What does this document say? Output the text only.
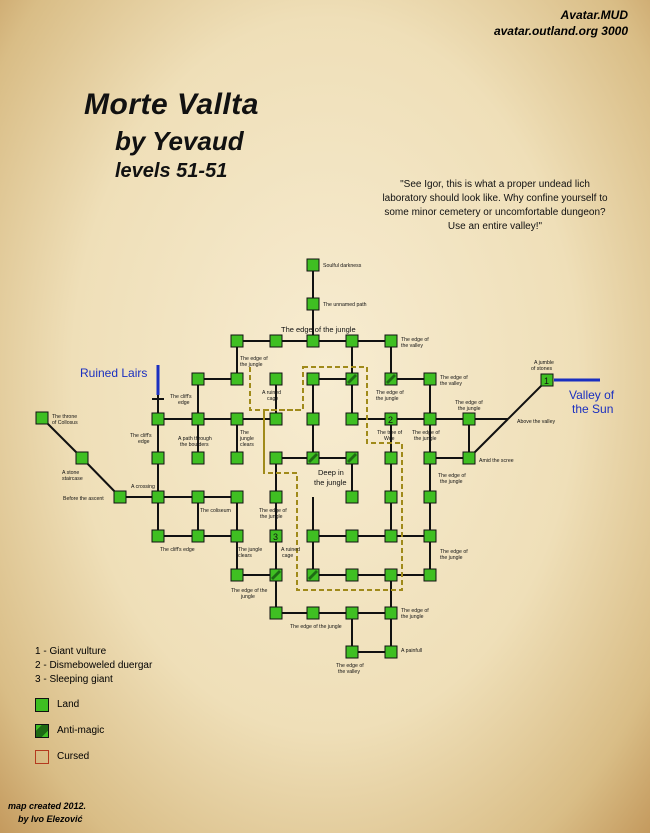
Avatar.MUD

avatar.outland.org 3000

Morte Vallta
by Yevaud
levels 51-51

"See Igor, this is what a proper undead lich laboratory should look like. Why confine yourself to some minor cemetery or uncomfortable dungeon? Use an entire valley!"

1
2
3
Ruined Lairs
Valley of
the Sun
Soulful darkness
The unnamed path
The edge of the jungle
The edge of
the valley
The edge of
the jungle
The cliff's
edge
A ruined
cage
The edge of
the jungle
The edge of
the valley
The edge of
the jungle
A jumble
of stones
The throne
of Collosus
The cliff's
edge	A path through
the boulders
The
jungle
clears
The tree of
Woe
The edge of
the jungle
Above the valley
A stone
staircase
Amid the scree
Deep in
the jungle
Before the ascent
A crossing
The edge of
the jungle
The coliseum	The edge of
the jungle
The cliff's edge	The jungle
clears
A ruined
cage
The edge of
the jungle
The edge of the
jungle
The edge of the jungle
The edge of
the jungle
A painfull
The edge of
the valley
1 - Giant vulture
2 - Dismeboweled duergar
3 - Sleeping giant
Land
Anti-magic
Cursed

map created 2012.

by Ivo Elezović
